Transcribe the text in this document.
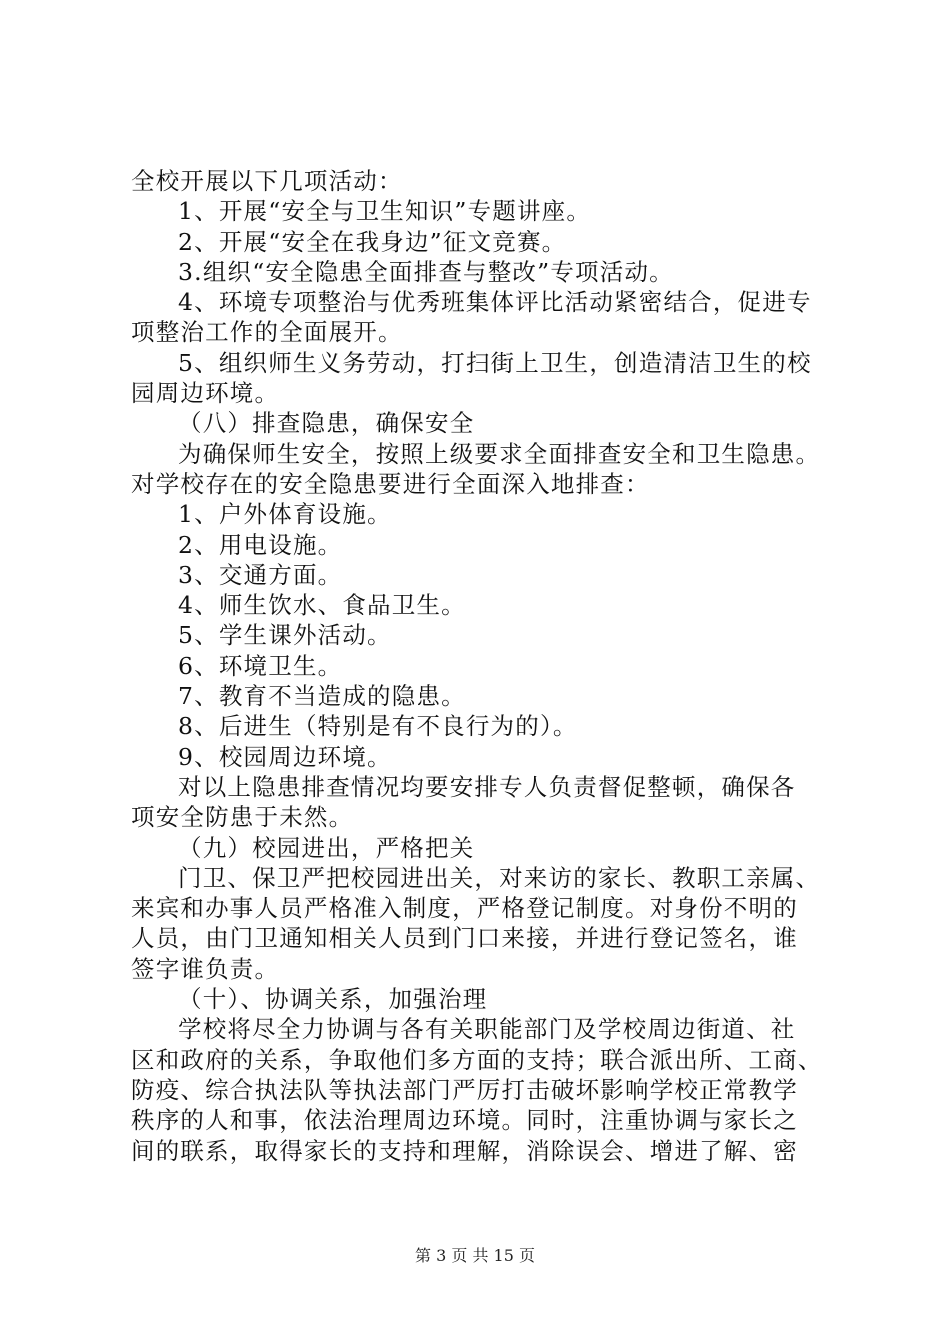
全校开展以下几项活动：

1、开展“安全与卫生知识”专题讲座。

2、开展“安全在我身边”征文竞赛。

3.组织“安全隐患全面排查与整改”专项活动。

4、环境专项整治与优秀班集体评比活动紧密结合，促进专

项整治工作的全面展开。

5、组织师生义务劳动，打扫街上卫生，创造清洁卫生的校

园周边环境。

（八）排查隐患，确保安全

为确保师生安全，按照上级要求全面排查安全和卫生隐患。

对学校存在的安全隐患要进行全面深入地排查：

1、户外体育设施。

2、用电设施。

3、交通方面。

4、师生饮水、食品卫生。

5、学生课外活动。

6、环境卫生。

7、教育不当造成的隐患。

8、后进生（特别是有不良行为的）。

9、校园周边环境。

对以上隐患排查情况均要安排专人负责督促整顿，确保各

项安全防患于未然。

（九）校园进出，严格把关

门卫、保卫严把校园进出关，对来访的家长、教职工亲属、

来宾和办事人员严格准入制度，严格登记制度。对身份不明的

人员，由门卫通知相关人员到门口来接，并进行登记签名，谁

签字谁负责。

（十）、协调关系，加强治理

学校将尽全力协调与各有关职能部门及学校周边街道、社

区和政府的关系，争取他们多方面的支持；联合派出所、工商、

防疫、综合执法队等执法部门严厉打击破坏影响学校正常教学

秩序的人和事，依法治理周边环境。同时，注重协调与家长之

间的联系，取得家长的支持和理解，消除误会、增进了解、密

第 3 页 共 15 页
